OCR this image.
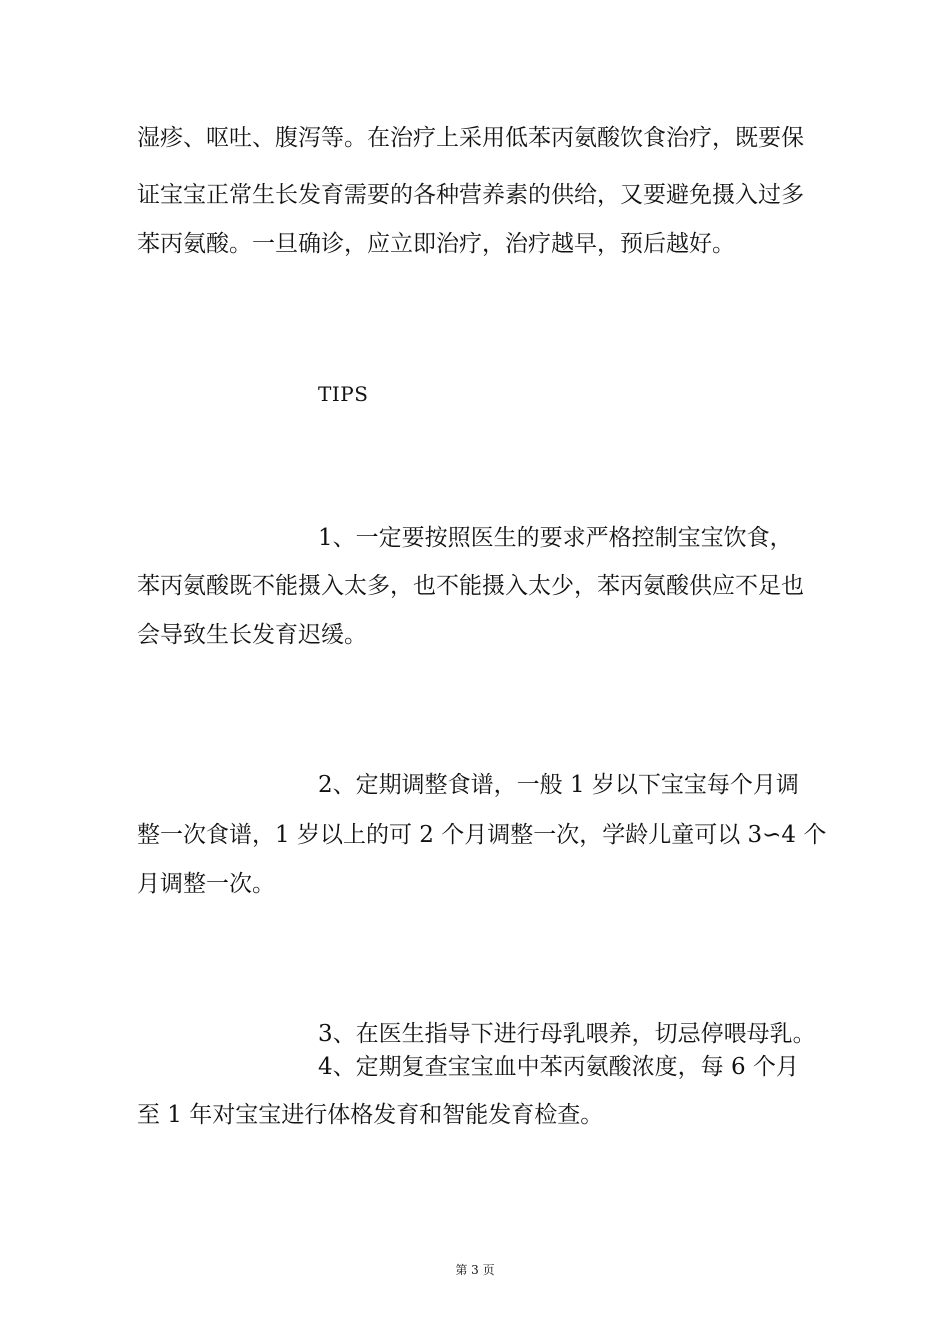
湿疹、呕吐、腹泻等。在治疗上采用低苯丙氨酸饮食治疗，既要保
证宝宝正常生长发育需要的各种营养素的供给，又要避免摄入过多
苯丙氨酸。一旦确诊，应立即治疗，治疗越早，预后越好。
TIPS
1、一定要按照医生的要求严格控制宝宝饮食，
苯丙氨酸既不能摄入太多，也不能摄入太少，苯丙氨酸供应不足也
会导致生长发育迟缓。
2、定期调整食谱，一般 1 岁以下宝宝每个月调
整一次食谱，1 岁以上的可 2 个月调整一次，学龄儿童可以 3∽4 个
月调整一次。
3、在医生指导下进行母乳喂养，切忌停喂母乳。
4、定期复查宝宝血中苯丙氨酸浓度，每 6 个月
至 1 年对宝宝进行体格发育和智能发育检查。
第 3 页
